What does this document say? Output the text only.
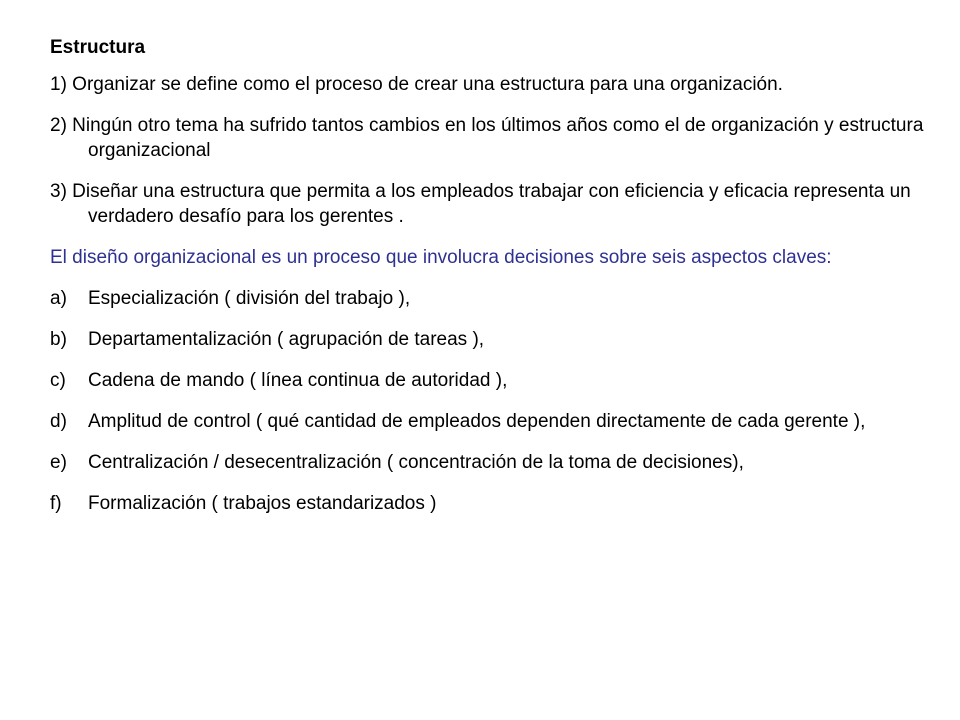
Estructura
1) Organizar se define como el proceso de crear una estructura para una organización.
2) Ningún otro tema ha sufrido tantos cambios en los últimos años como el de organización y estructura organizacional
3) Diseñar una estructura que permita a los empleados trabajar con eficiencia y eficacia representa un verdadero desafío para los gerentes .
El diseño organizacional es un proceso que involucra decisiones sobre seis aspectos claves:
a)	Especialización ( división del trabajo ),
b)	Departamentalización ( agrupación de tareas ),
c)	Cadena de mando ( línea continua de autoridad ),
d)	Amplitud de control ( qué cantidad de empleados dependen directamente de cada gerente ),
e)	Centralización / desecentralización ( concentración de la toma de decisiones),
f)	Formalización ( trabajos estandarizados )
